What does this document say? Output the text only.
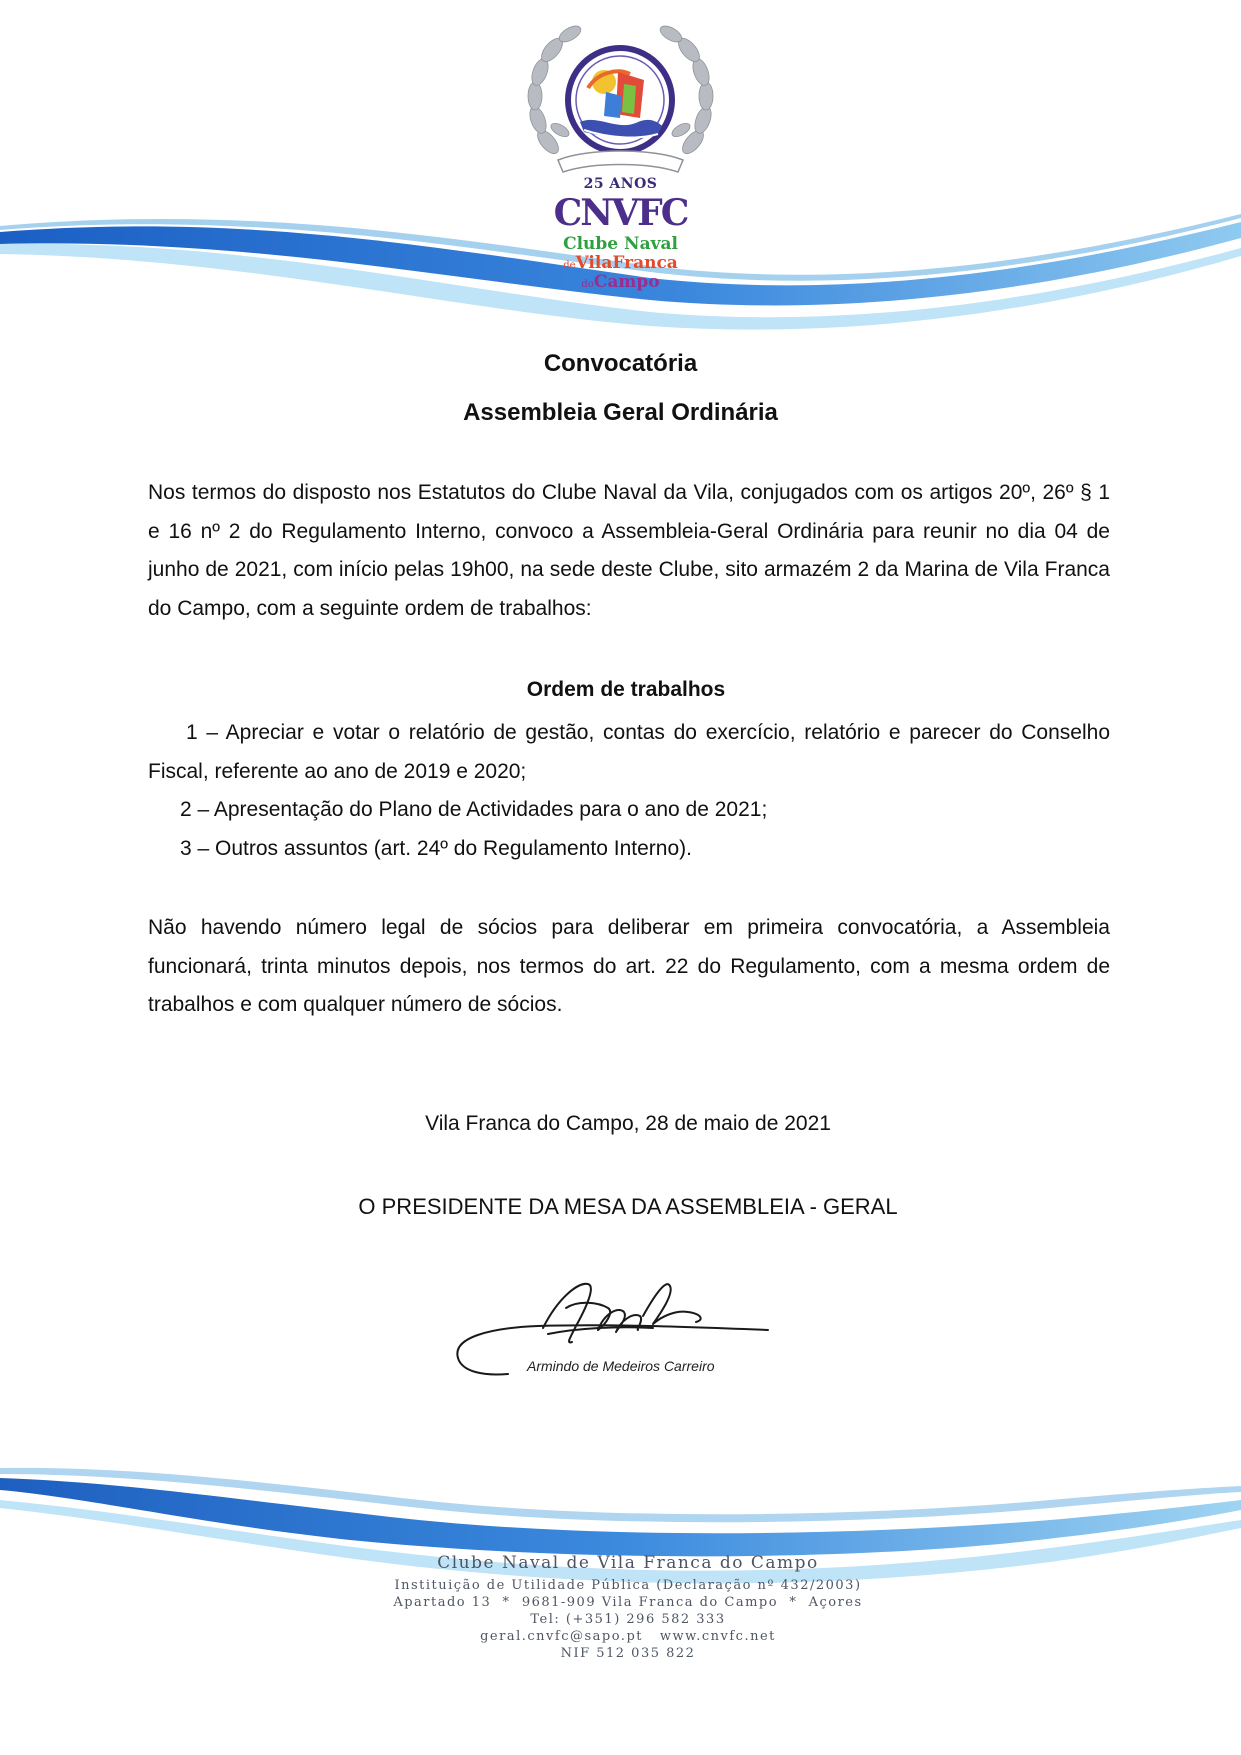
25 ANOS
CNVFC
Clube Naval
deVilaFranca
doCampo
Convocatória
Assembleia Geral Ordinária

Nos termos do disposto nos Estatutos do Clube Naval da Vila, conjugados com os artigos 20º, 26º § 1 e 16 nº 2 do Regulamento Interno, convoco a Assembleia-Geral Ordinária para reunir no dia 04 de junho de 2021, com início pelas 19h00, na sede deste Clube, sito armazém 2 da Marina de Vila Franca do Campo, com a seguinte ordem de trabalhos:

Ordem de trabalhos

1 – Apreciar e votar o relatório de gestão, contas do exercício, relatório e parecer do Conselho Fiscal, referente ao ano de 2019 e 2020;

2 – Apresentação do Plano de Actividades para o ano de 2021;

3 – Outros assuntos (art. 24º do Regulamento Interno).

Não havendo número legal de sócios para deliberar em primeira convocatória, a Assembleia funcionará, trinta minutos depois, nos termos do art. 22 do Regulamento, com a mesma ordem de trabalhos e com qualquer número de sócios.

Vila Franca do Campo, 28 de maio de 2021
O PRESIDENTE DA MESA DA ASSEMBLEIA - GERAL
Armindo de Medeiros Carreiro
Clube Naval de Vila Franca do Campo
Instituição de Utilidade Pública (Declaração nº 432/2003)
Apartado 13  *  9681-909 Vila Franca do Campo  *  Açores
Tel: (+351) 296 582 333
geral.cnvfc@sapo.pt   www.cnvfc.net
NIF 512 035 822
